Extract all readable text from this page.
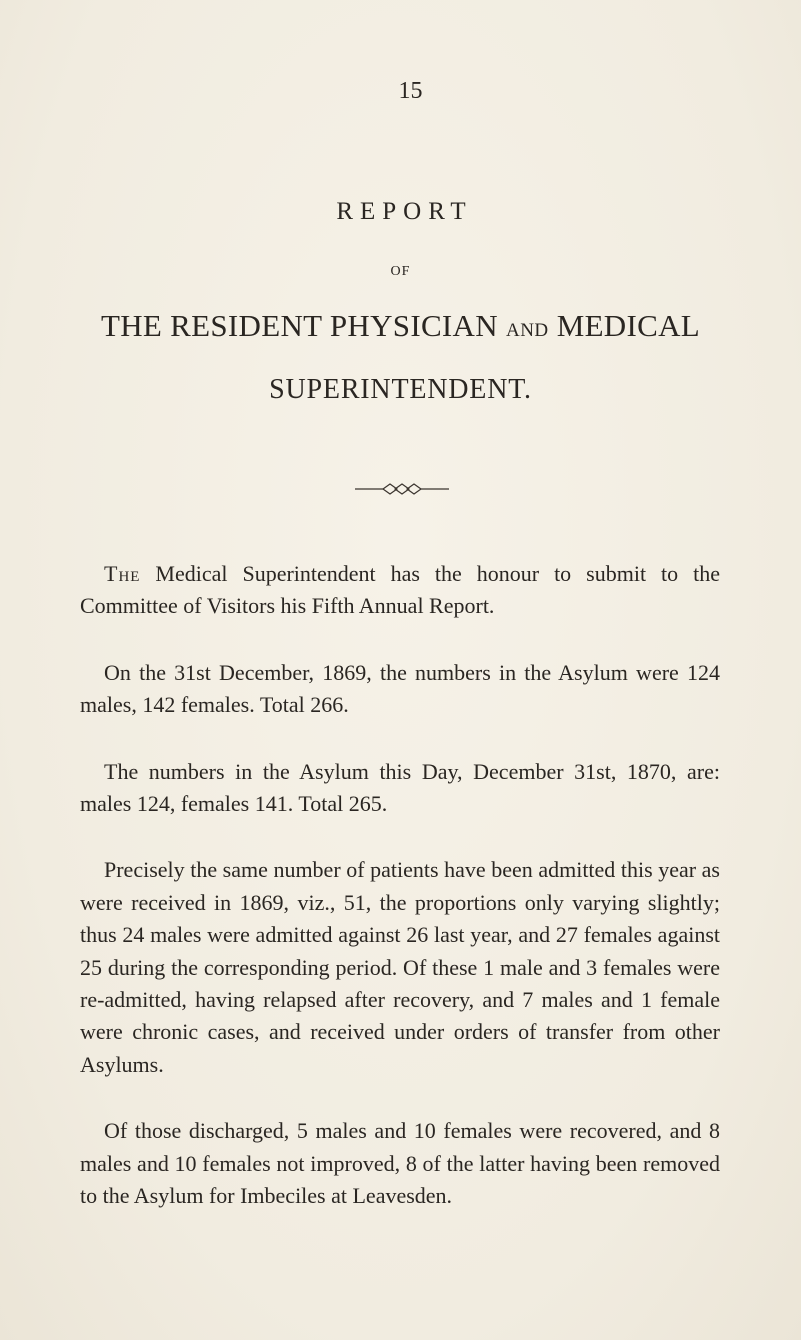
15
REPORT
OF
THE RESIDENT PHYSICIAN AND MEDICAL
SUPERINTENDENT.

The Medical Superintendent has the honour to submit to the Committee of Visitors his Fifth Annual Report.

On the 31st December, 1869, the numbers in the Asylum were 124 males, 142 females. Total 266.

The numbers in the Asylum this Day, December 31st, 1870, are: males 124, females 141. Total 265.

Precisely the same number of patients have been admitted this year as were received in 1869, viz., 51, the proportions only varying slightly; thus 24 males were admitted against 26 last year, and 27 females against 25 during the corresponding period. Of these 1 male and 3 females were re-admitted, having relapsed after recovery, and 7 males and 1 female were chronic cases, and received under orders of transfer from other Asylums.

Of those discharged, 5 males and 10 females were recovered, and 8 males and 10 females not improved, 8 of the latter having been removed to the Asylum for Imbeciles at Leavesden.
